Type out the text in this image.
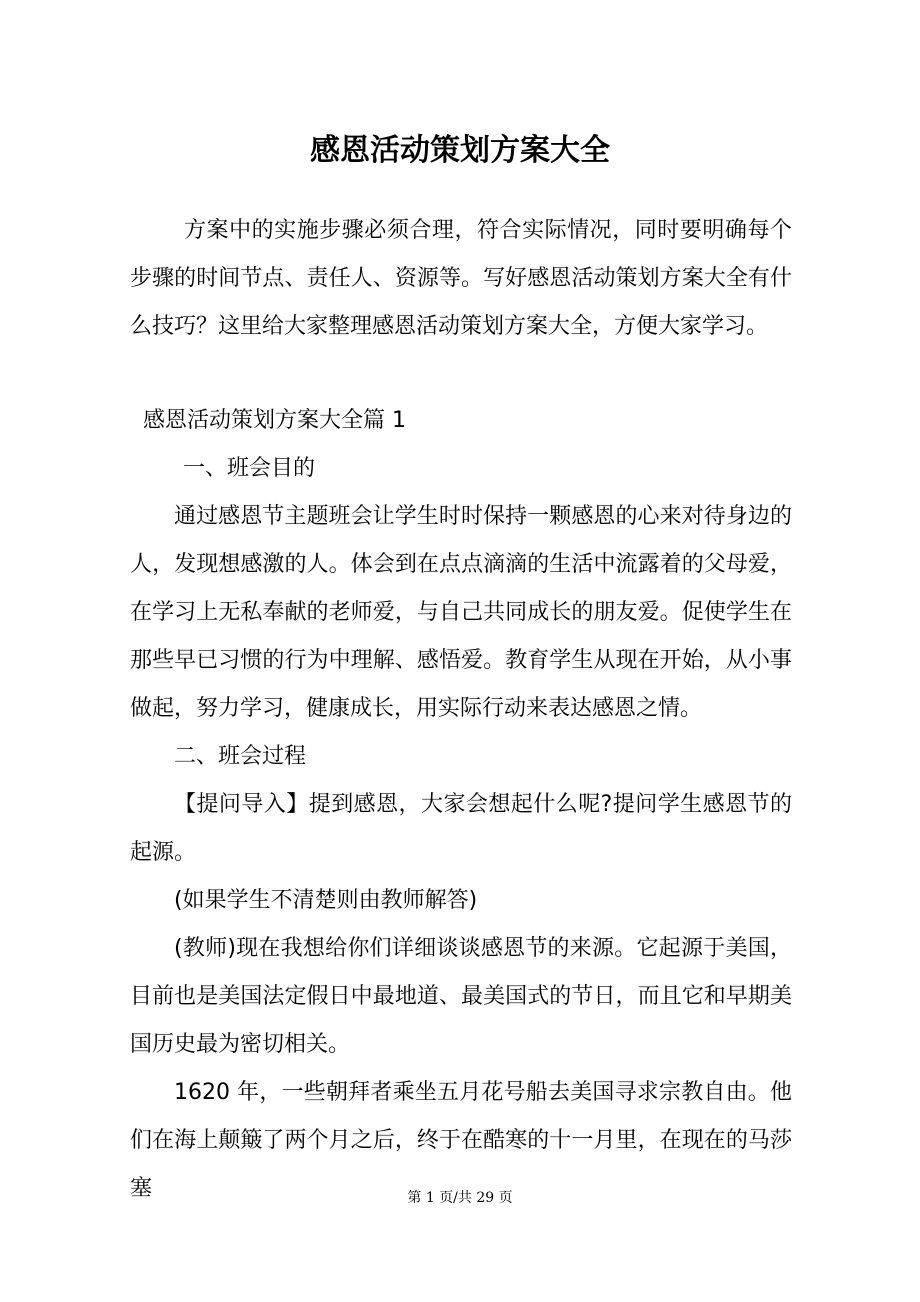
感恩活动策划方案大全

方案中的实施步骤必须合理，符合实际情况，同时要明确每个步骤的时间节点、责任人、资源等。写好感恩活动策划方案大全有什么技巧？这里给大家整理感恩活动策划方案大全，方便大家学习。

感恩活动策划方案大全篇 1

一、班会目的

通过感恩节主题班会让学生时时保持一颗感恩的心来对待身边的人，发现想感激的人。体会到在点点滴滴的生活中流露着的父母爱，在学习上无私奉献的老师爱，与自己共同成长的朋友爱。促使学生在那些早已习惯的行为中理解、感悟爱。教育学生从现在开始，从小事做起，努力学习，健康成长，用实际行动来表达感恩之情。

二、班会过程

【提问导入】提到感恩，大家会想起什么呢?提问学生感恩节的起源。

(如果学生不清楚则由教师解答)

(教师)现在我想给你们详细谈谈感恩节的来源。它起源于美国，目前也是美国法定假日中最地道、最美国式的节日，而且它和早期美国历史最为密切相关。

1620 年，一些朝拜者乘坐五月花号船去美国寻求宗教自由。他们在海上颠簸了两个月之后，终于在酷寒的十一月里，在现在的马莎塞	第 1 页/共 29 页
